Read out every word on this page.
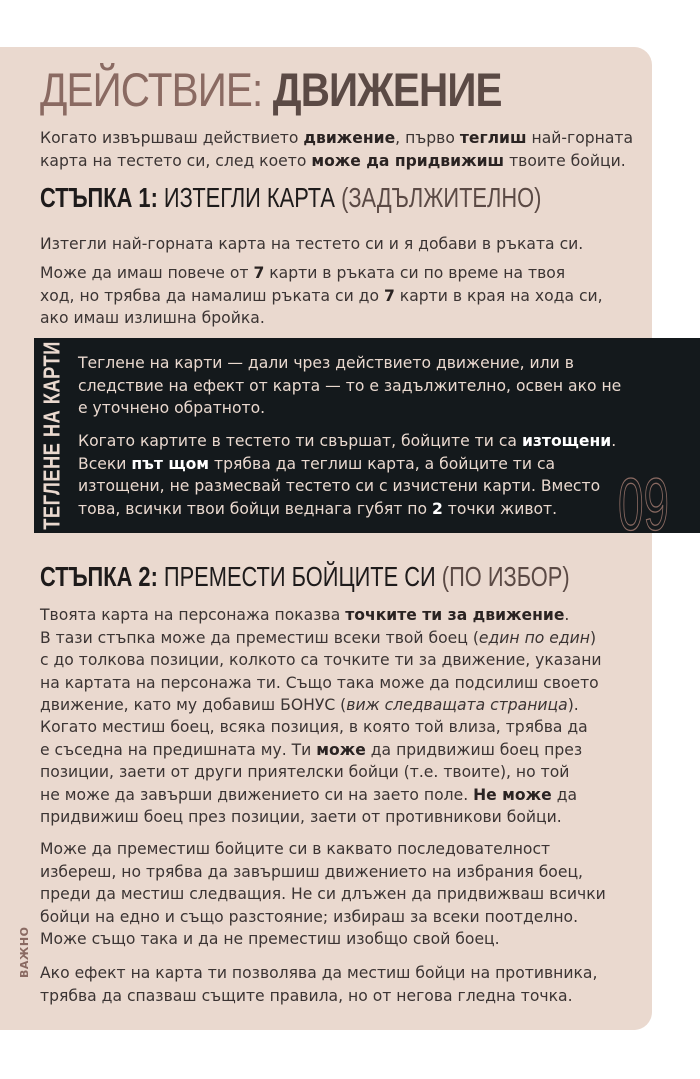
ДЕЙСТВИЕ: ДВИЖЕНИЕ

Когато извършваш действието движение, първо теглиш най-горната
карта на тестето си, след което може да придвижиш твоите бойци.

СТЪПКА 1: ИЗТЕГЛИ КАРТА (ЗАДЪЛЖИТЕЛНО)

Изтегли най-горната карта на тестето си и я добави в ръката си.

Може да имаш повече от 7 карти в ръката си по време на твоя
ход, но трябва да намалиш ръката си до 7 карти в края на хода си,
ако имаш излишна бройка.

ТЕГЛЕНЕ НА КАРТИ Теглене на карти — дали чрез действието движение, или в
следствие на ефект от карта — то е задължително, освен ако не
е уточнено обратното.

Когато картите в тестето ти свършат, бойците ти са изтощени.
Всеки път щом трябва да теглиш карта, а бойците ти са
изтощени, не размесвай тестето си с изчистени карти. Вместо
това, всички твои бойци веднага губят по 2 точки живот. 09
СТЪПКА 2: ПРЕМЕСТИ БОЙЦИТЕ СИ (ПО ИЗБОР)

Твоята карта на персонажа показва точките ти за движение.
В тази стъпка може да преместиш всеки твой боец (един по един)
с до толкова позиции, колкото са точките ти за движение, указани
на картата на персонажа ти. Също така може да подсилиш своето
движение, като му добавиш БОНУС (виж следващата страница).

Когато местиш боец, всяка позиция, в която той влиза, трябва да
е съседна на предишната му. Ти може да придвижиш боец през
позиции, заети от други приятелски бойци (т.е. твоите), но той
не може да завърши движението си на заето поле. Не може да
придвижиш боец през позиции, заети от противникови бойци.

Може да преместиш бойците си в каквато последователност
избереш, но трябва да завършиш движението на избрания боец,
преди да местиш следващия. Не си длъжен да придвижваш всички
бойци на едно и също разстояние; избираш за всеки поотделно.
Може също така и да не преместиш изобщо свой боец.

ВАЖНО Ако ефект на карта ти позволява да местиш бойци на противника,
трябва да спазваш същите правила, но от негова гледна точка.
